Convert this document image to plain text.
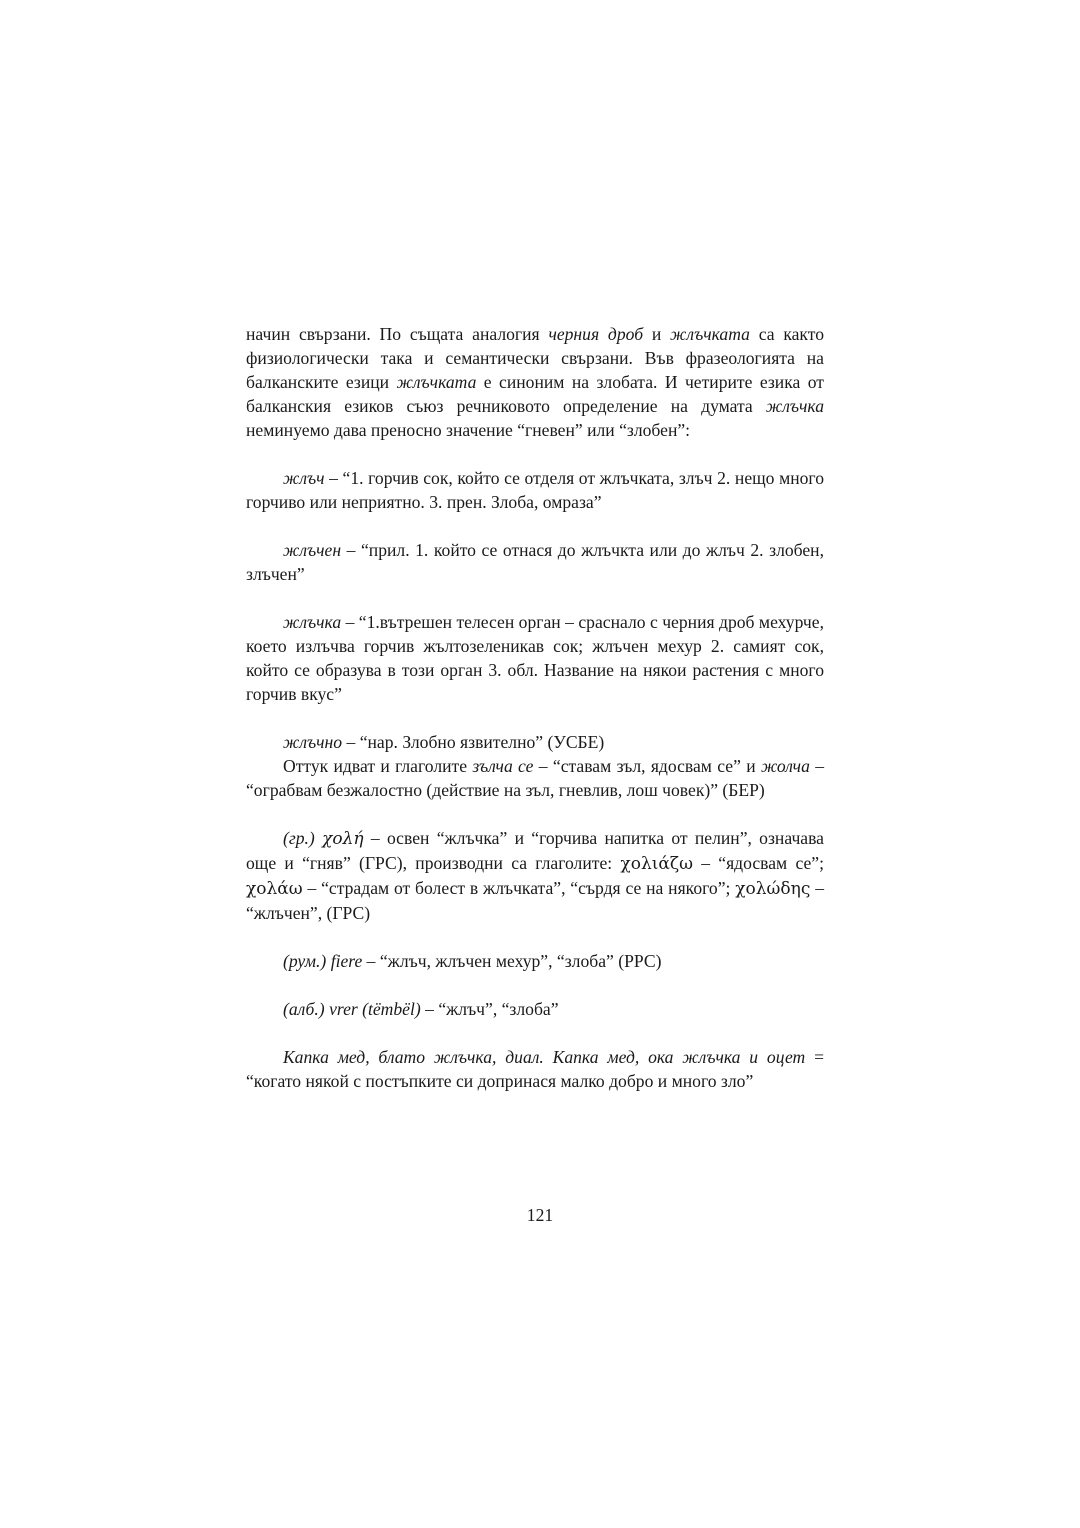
начин свързани. По същата аналогия черния дроб и жлъчката са както физиологически така и семантически свързани. Във фразеологията на балканските езици жлъчката е синоним на злобата. И четирите езика от балканския езиков съюз речниковото определение на думата жлъчка неминуемо дава преносно значение “гневен” или “злобен”:

жлъч – “1. горчив сок, който се отделя от жлъчката, злъч 2. нещо много горчиво или неприятно. 3. прен. Злоба, омраза”

жлъчен – “прил. 1. който се отнася до жлъчкта или до жлъч 2. злобен, злъчен”

жлъчка – “1.вътрешен телесен орган – сраснало с черния дроб мехурче, което излъчва горчив жълтозеленикав сок; жлъчен мехур 2. самият сок, който се образува в този орган 3. обл. Название на някои растения с много горчив вкус”

жлъчно – “нар. Злобно язвително” (УСБЕ)

Оттук идват и глаголите зълча се – “ставам зъл, ядосвам се” и жолча – “ограбвам безжалостно (действие на зъл, гневлив, лош човек)” (БЕР)

(гр.) χολή – освен “жлъчка” и “горчива напитка от пелин”, означава още и “гняв” (ГРС), производни са глаголите: χολιάζω – “ядосвам се”; χολάω – “страдам от болест в жлъчката”, “сърдя се на някого”; χολώδης – “жлъчен”, (ГРС)

(рум.) fiere – “жлъч, жлъчен мехур”, “злоба” (РРС)

(алб.) vrer (tëmbël) – “жлъч”, “злоба”

Капка мед, блато жлъчка, диал. Капка мед, ока жлъчка и оцет = “когато някой с постъпките си допринася малко добро и много зло”

121
